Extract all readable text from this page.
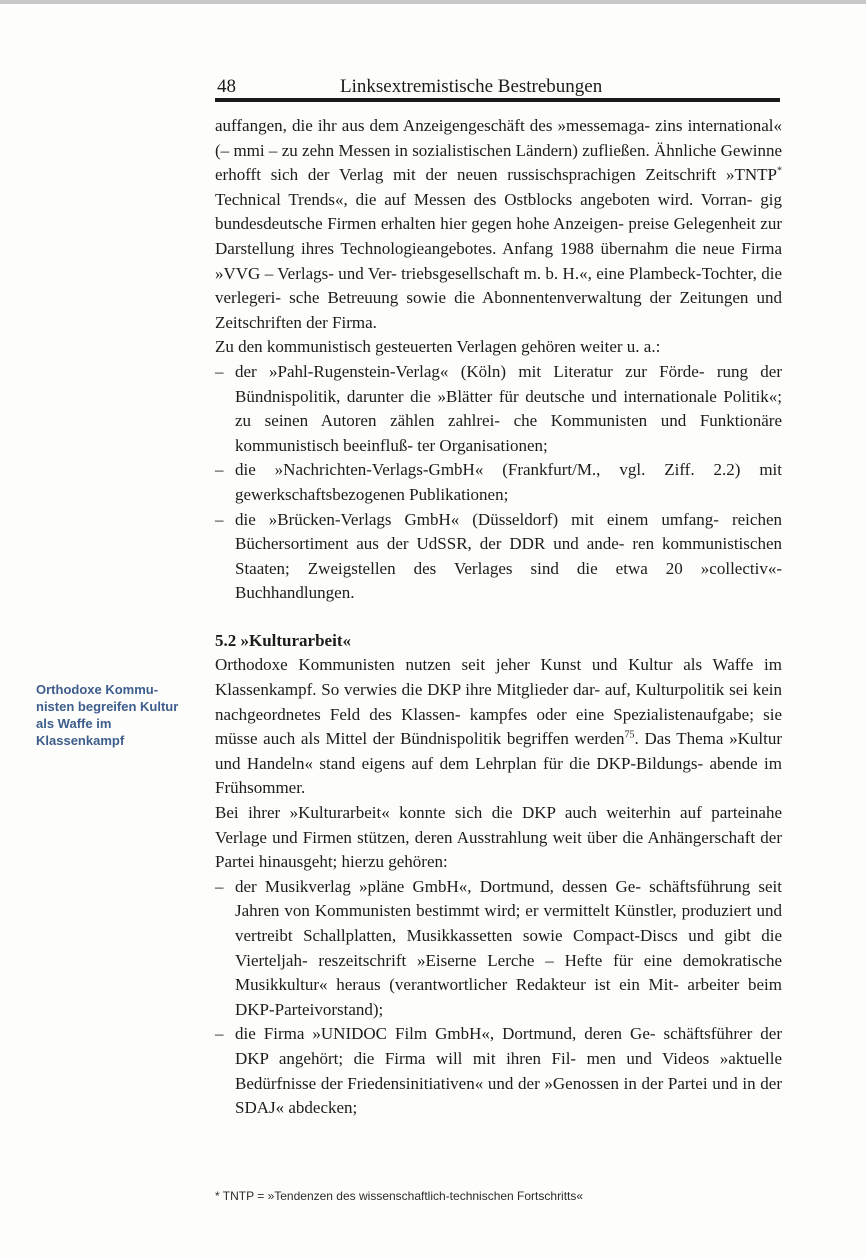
48	Linksextremistische Bestrebungen

auffangen, die ihr aus dem Anzeigengeschäft des »messemaga- zins international« (– mmi – zu zehn Messen in sozialistischen Ländern) zufließen. Ähnliche Gewinne erhofft sich der Verlag mit der neuen russischsprachigen Zeitschrift »TNTP* Technical Trends«, die auf Messen des Ostblocks angeboten wird. Vorran- gig bundesdeutsche Firmen erhalten hier gegen hohe Anzeigen- preise Gelegenheit zur Darstellung ihres Technologieangebotes. Anfang 1988 übernahm die neue Firma »VVG – Verlags- und Ver- triebsgesellschaft m. b. H.«, eine Plambeck-Tochter, die verlegeri- sche Betreuung sowie die Abonnentenverwaltung der Zeitungen und Zeitschriften der Firma.

Zu den kommunistisch gesteuerten Verlagen gehören weiter u. a.:

– der »Pahl-Rugenstein-Verlag« (Köln) mit Literatur zur Förde- rung der Bündnispolitik, darunter die »Blätter für deutsche und internationale Politik«; zu seinen Autoren zählen zahlrei- che Kommunisten und Funktionäre kommunistisch beeinfluß- ter Organisationen;
– die »Nachrichten-Verlags-GmbH« (Frankfurt/M., vgl. Ziff. 2.2) mit gewerkschaftsbezogenen Publikationen;
– die »Brücken-Verlags GmbH« (Düsseldorf) mit einem umfang- reichen Büchersortiment aus der UdSSR, der DDR und ande- ren kommunistischen Staaten; Zweigstellen des Verlages sind die etwa 20 »collectiv«-Buchhandlungen.

5.2 »Kulturarbeit«

Orthodoxe Kommunisten nutzen seit jeher Kunst und Kultur als Waffe im Klassenkampf. So verwies die DKP ihre Mitglieder dar- auf, Kulturpolitik sei kein nachgeordnetes Feld des Klassen- kampfes oder eine Spezialistenaufgabe; sie müsse auch als Mittel der Bündnispolitik begriffen werden$^{75}$. Das Thema »Kultur und Handeln« stand eigens auf dem Lehrplan für die DKP-Bildungs- abende im Frühsommer.

Bei ihrer »Kulturarbeit« konnte sich die DKP auch weiterhin auf parteinahe Verlage und Firmen stützen, deren Ausstrahlung weit über die Anhängerschaft der Partei hinausgeht; hierzu gehören:

– der Musikverlag »pläne GmbH«, Dortmund, dessen Ge- schäftsführung seit Jahren von Kommunisten bestimmt wird; er vermittelt Künstler, produziert und vertreibt Schallplatten, Musikkassetten sowie Compact-Discs und gibt die Vierteljah- reszeitschrift »Eiserne Lerche – Hefte für eine demokratische Musikkultur« heraus (verantwortlicher Redakteur ist ein Mit- arbeiter beim DKP-Parteivorstand);
– die Firma »UNIDOC Film GmbH«, Dortmund, deren Ge- schäftsführer der DKP angehört; die Firma will mit ihren Fil- men und Videos »aktuelle Bedürfnisse der Friedensinitiativen« und der »Genossen in der Partei und in der SDAJ« abdecken;
Orthodoxe Kommu- nisten begreifen Kultur als Waffe im Klassenkampf
* TNTP = »Tendenzen des wissenschaftlich-technischen Fortschritts«
